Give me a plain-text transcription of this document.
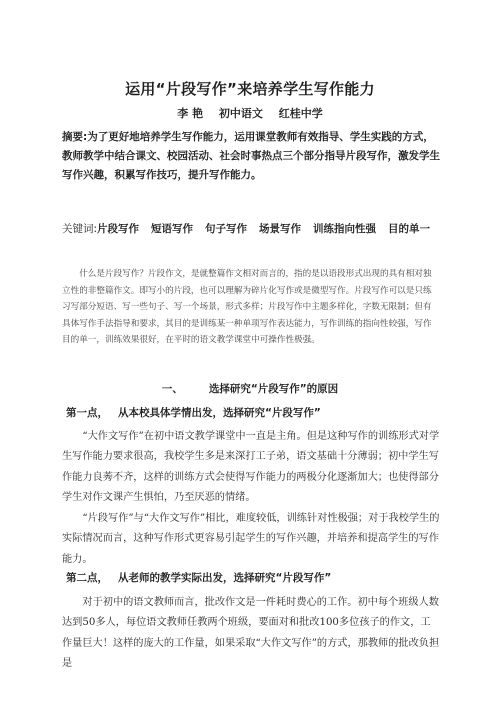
运用“片段写作”来培养学生写作能力
李 艳 初中语文 红桂中学
摘要:为了更好地培养学生写作能力，运用课堂教师有效指导、学生实践的方式，教师教学中结合课文、校园活动、社会时事热点三个部分指导片段写作，激发学生写作兴趣，积累写作技巧，提升写作能力。
关键词:片段写作 短语写作 句子写作 场景写作 训练指向性强 目的单一
什么是片段写作？片段作文，是就整篇作文相对而言的，指的是以语段形式出现的具有相对独立性的非整篇作文。即写小的片段，也可以理解为碎片化写作或是微型写作。片段写作可以是只练习写部分短语、写一些句子、写一个场景，形式多样；片段写作中主题多样化，字数无限制；但有具体写作手法指导和要求，其目的是训练某一种单项写作表达能力，写作训练的指向性较强，写作目的单一，训练效果很好，在平时的语文教学课堂中可操作性极强。
一、 选择研究“片段写作”的原因
第一点， 从本校具体学情出发，选择研究“片段写作”
“大作文写作”在初中语文教学课堂中一直是主角。但是这种写作的训练形式对学生写作能力要求很高，我校学生多是来深打工子弟，语文基础十分薄弱；初中学生写作能力良莠不齐，这样的训练方式会使得写作能力的两极分化逐渐加大；也使得部分学生对作文课产生惧怕，乃至厌恶的情绪。
“片段写作”与“大作文写作”相比，难度较低，训练针对性极强；对于我校学生的实际情况而言，这种写作形式更容易引起学生的写作兴趣，并培养和提高学生的写作能力。
第二点， 从老师的教学实际出发，选择研究“片段写作”
对于初中的语文教师而言，批改作文是一件耗时费心的工作。初中每个班级人数达到50多人，每位语文教师任教两个班级，要面对和批改100多位孩子的作文，工作量巨大！这样的庞大的工作量，如果采取“大作文写作”的方式，那教师的批改负担是
